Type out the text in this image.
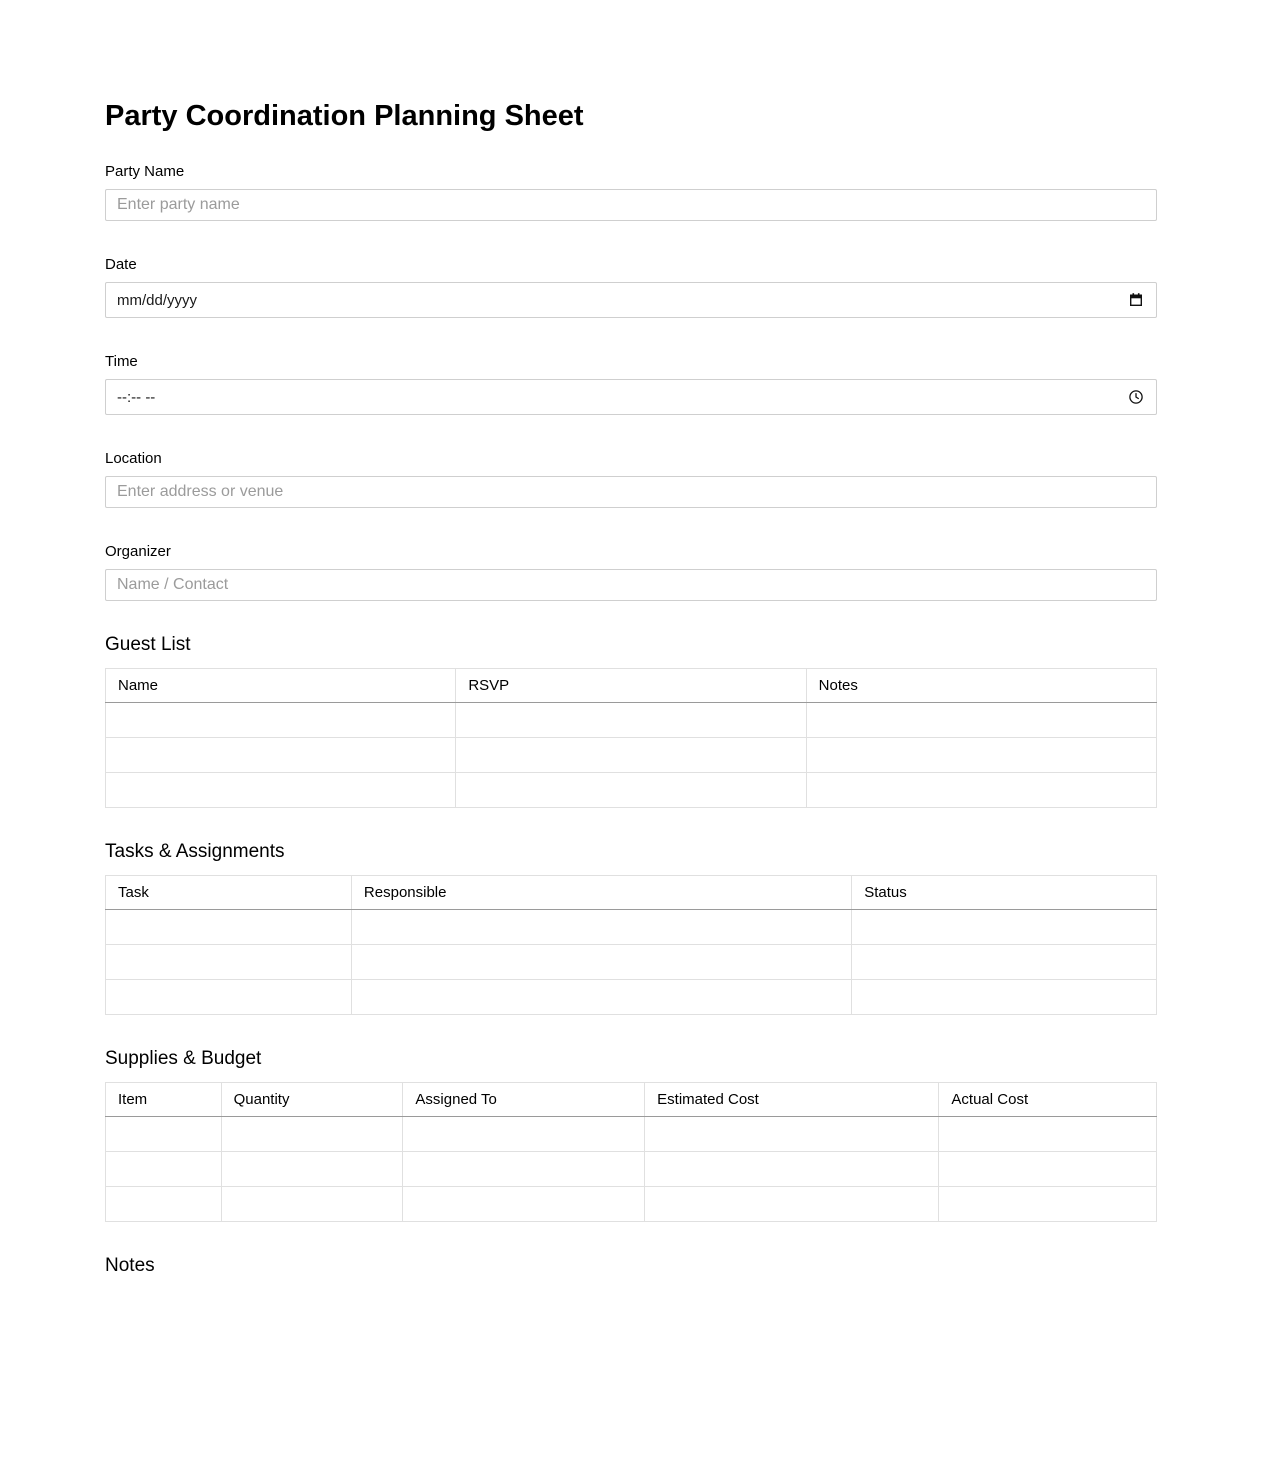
Party Coordination Planning Sheet
Party Name
Enter party name
Date
mm/dd/yyyy
Time
--:-- --
Location
Enter address or venue
Organizer
Name / Contact
Guest List
Name	RSVP	Notes

Tasks & Assignments
Task	Responsible	Status

Supplies & Budget
Item	Quantity	Assigned To	Estimated Cost	Actual Cost

Notes
